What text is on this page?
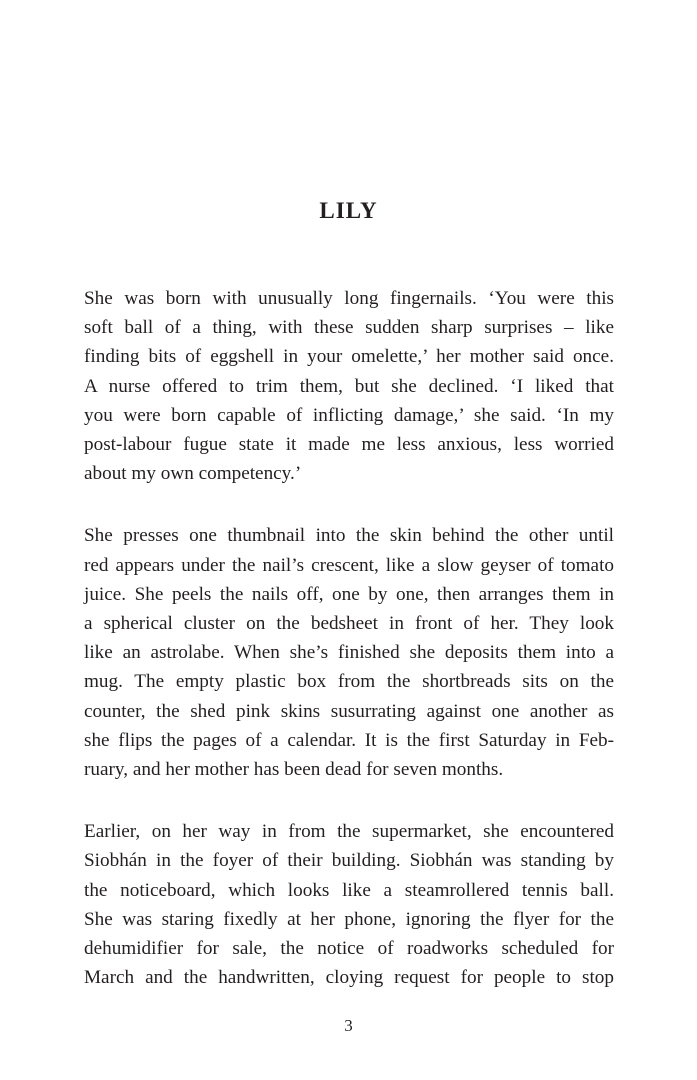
LILY

She was born with unusually long fingernails. ‘You were this
soft ball of a thing, with these sudden sharp surprises – like
finding bits of eggshell in your omelette,’ her mother said once.
A nurse offered to trim them, but she declined. ‘I liked that
you were born capable of inflicting damage,’ she said. ‘In my
post-labour fugue state it made me less anxious, less worried
about my own competency.’

She presses one thumbnail into the skin behind the other until
red appears under the nail’s crescent, like a slow geyser of tomato
juice. She peels the nails off, one by one, then arranges them in
a spherical cluster on the bedsheet in front of her. They look
like an astrolabe. When she’s finished she deposits them into a
mug. The empty plastic box from the shortbreads sits on the
counter, the shed pink skins susurrating against one another as
she flips the pages of a calendar. It is the first Saturday in Feb-
ruary, and her mother has been dead for seven months.

Earlier, on her way in from the supermarket, she encountered
Siobhán in the foyer of their building. Siobhán was standing by
the noticeboard, which looks like a steamrollered tennis ball.
She was staring fixedly at her phone, ignoring the flyer for the
dehumidifier for sale, the notice of roadworks scheduled for
March and the handwritten, cloying request for people to stop

3
